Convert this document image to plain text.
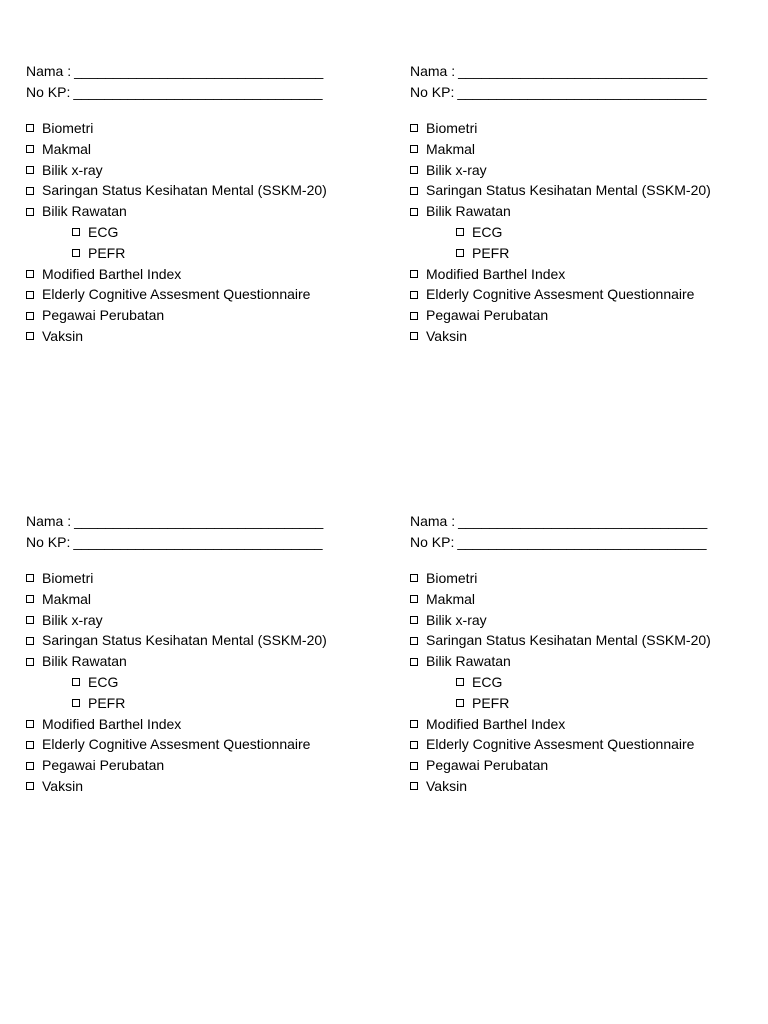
Nama : ________________________________
No KP: ________________________________
Biometri
Makmal
Bilik x-ray
Saringan Status Kesihatan Mental (SSKM-20)
Bilik Rawatan
ECG
PEFR
Modified Barthel Index
Elderly Cognitive Assesment Questionnaire
Pegawai Perubatan
Vaksin
Nama : ________________________________
No KP: ________________________________
Biometri
Makmal
Bilik x-ray
Saringan Status Kesihatan Mental (SSKM-20)
Bilik Rawatan
ECG
PEFR
Modified Barthel Index
Elderly Cognitive Assesment Questionnaire
Pegawai Perubatan
Vaksin
Nama : ________________________________
No KP: ________________________________
Biometri
Makmal
Bilik x-ray
Saringan Status Kesihatan Mental (SSKM-20)
Bilik Rawatan
ECG
PEFR
Modified Barthel Index
Elderly Cognitive Assesment Questionnaire
Pegawai Perubatan
Vaksin
Nama : ________________________________
No KP: ________________________________
Biometri
Makmal
Bilik x-ray
Saringan Status Kesihatan Mental (SSKM-20)
Bilik Rawatan
ECG
PEFR
Modified Barthel Index
Elderly Cognitive Assesment Questionnaire
Pegawai Perubatan
Vaksin
